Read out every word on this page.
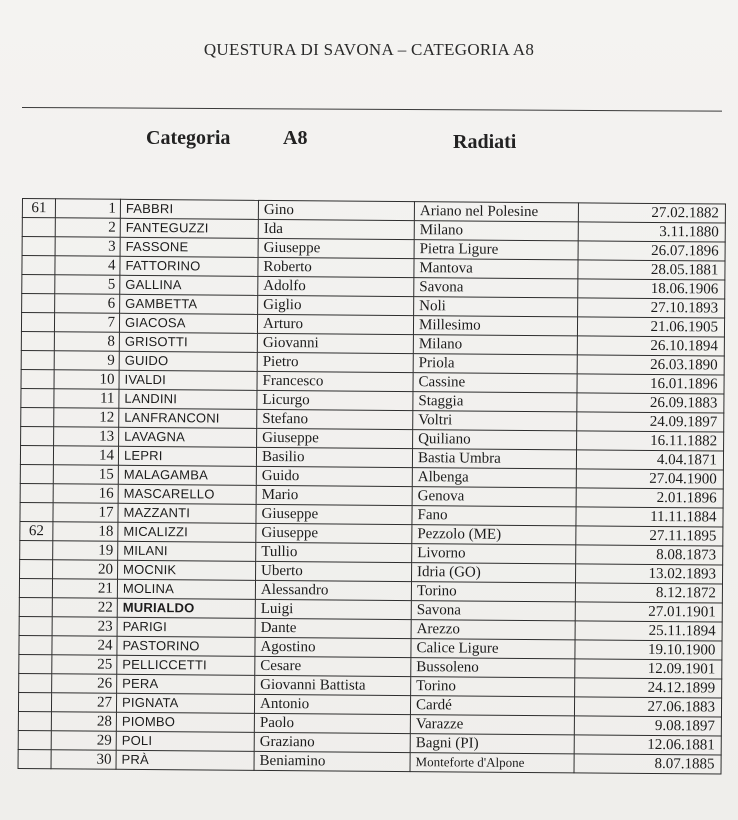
QUESTURA DI SAVONA – CATEGORIA A8
Categoria	A8	Radiati
61	1	FABBRI	Gino	Ariano nel Polesine	27.02.1882
	2	FANTEGUZZI	Ida	Milano	3.11.1880
	3	FASSONE	Giuseppe	Pietra Ligure	26.07.1896
	4	FATTORINO	Roberto	Mantova	28.05.1881
	5	GALLINA	Adolfo	Savona	18.06.1906
	6	GAMBETTA	Giglio	Noli	27.10.1893
	7	GIACOSA	Arturo	Millesimo	21.06.1905
	8	GRISOTTI	Giovanni	Milano	26.10.1894
	9	GUIDO	Pietro	Priola	26.03.1890
	10	IVALDI	Francesco	Cassine	16.01.1896
	11	LANDINI	Licurgo	Staggia	26.09.1883
	12	LANFRANCONI	Stefano	Voltri	24.09.1897
	13	LAVAGNA	Giuseppe	Quiliano	16.11.1882
	14	LEPRI	Basilio	Bastia Umbra	4.04.1871
	15	MALAGAMBA	Guido	Albenga	27.04.1900
	16	MASCARELLO	Mario	Genova	2.01.1896
	17	MAZZANTI	Giuseppe	Fano	11.11.1884
62	18	MICALIZZI	Giuseppe	Pezzolo (ME)	27.11.1895
	19	MILANI	Tullio	Livorno	8.08.1873
	20	MOCNIK	Uberto	Idria (GO)	13.02.1893
	21	MOLINA	Alessandro	Torino	8.12.1872
	22	MURIALDO	Luigi	Savona	27.01.1901
	23	PARIGI	Dante	Arezzo	25.11.1894
	24	PASTORINO	Agostino	Calice Ligure	19.10.1900
	25	PELLICCETTI	Cesare	Bussoleno	12.09.1901
	26	PERA	Giovanni Battista	Torino	24.12.1899
	27	PIGNATA	Antonio	Cardé	27.06.1883
	28	PIOMBO	Paolo	Varazze	9.08.1897
	29	POLI	Graziano	Bagni (PI)	12.06.1881
	30	PRÀ	Beniamino	Monteforte d'Alpone	8.07.1885
